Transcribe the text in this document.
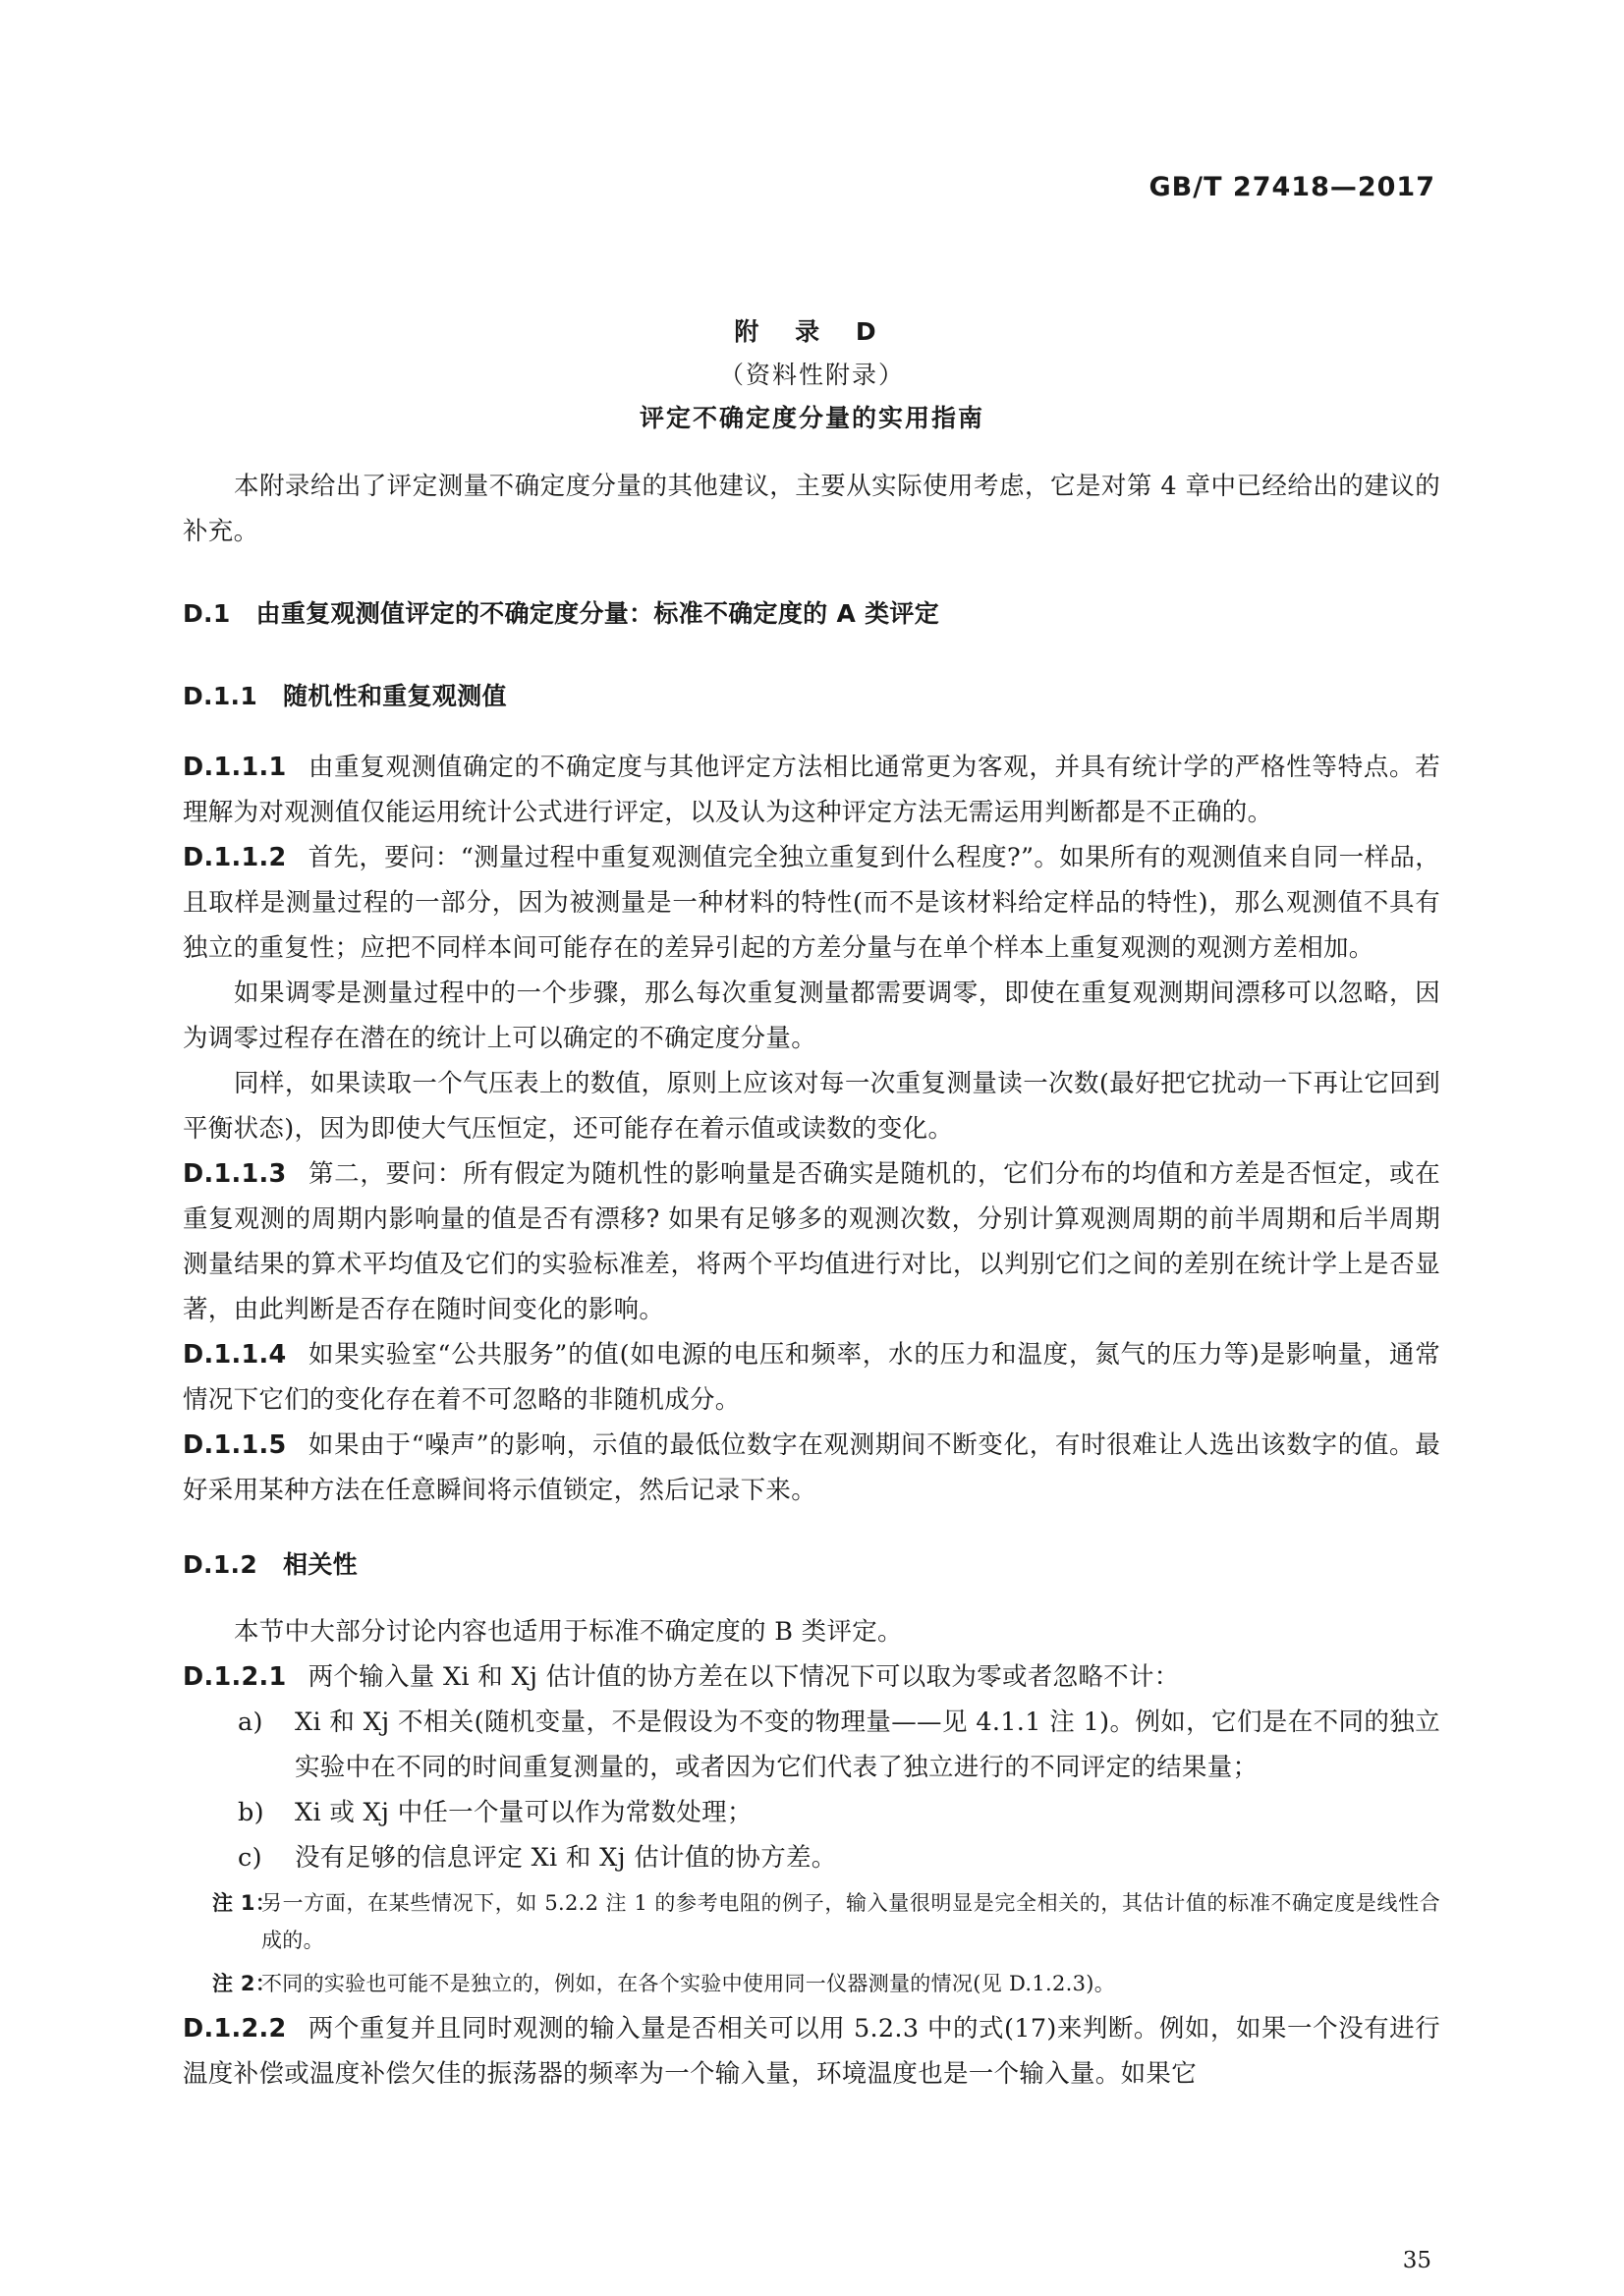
GB/T 27418—2017
附 录 D
（资料性附录）
评定不确定度分量的实用指南

本附录给出了评定测量不确定度分量的其他建议，主要从实际使用考虑，它是对第 4 章中已经给出的建议的补充。

D.1 由重复观测值评定的不确定度分量：标准不确定度的 A 类评定

D.1.1 随机性和重复观测值

D.1.1.1 由重复观测值确定的不确定度与其他评定方法相比通常更为客观，并具有统计学的严格性等特点。若理解为对观测值仅能运用统计公式进行评定，以及认为这种评定方法无需运用判断都是不正确的。

D.1.1.2 首先，要问：“测量过程中重复观测值完全独立重复到什么程度?”。如果所有的观测值来自同一样品，且取样是测量过程的一部分，因为被测量是一种材料的特性(而不是该材料给定样品的特性)，那么观测值不具有独立的重复性；应把不同样本间可能存在的差异引起的方差分量与在单个样本上重复观测的观测方差相加。

如果调零是测量过程中的一个步骤，那么每次重复测量都需要调零，即使在重复观测期间漂移可以忽略，因为调零过程存在潜在的统计上可以确定的不确定度分量。

同样，如果读取一个气压表上的数值，原则上应该对每一次重复测量读一次数(最好把它扰动一下再让它回到平衡状态)，因为即使大气压恒定，还可能存在着示值或读数的变化。

D.1.1.3 第二，要问：所有假定为随机性的影响量是否确实是随机的，它们分布的均值和方差是否恒定，或在重复观测的周期内影响量的值是否有漂移? 如果有足够多的观测次数，分别计算观测周期的前半周期和后半周期测量结果的算术平均值及它们的实验标准差，将两个平均值进行对比，以判别它们之间的差别在统计学上是否显著，由此判断是否存在随时间变化的影响。

D.1.1.4 如果实验室“公共服务”的值(如电源的电压和频率，水的压力和温度，氮气的压力等)是影响量，通常情况下它们的变化存在着不可忽略的非随机成分。

D.1.1.5 如果由于“噪声”的影响，示值的最低位数字在观测期间不断变化，有时很难让人选出该数字的值。最好采用某种方法在任意瞬间将示值锁定，然后记录下来。

D.1.2 相关性

本节中大部分讨论内容也适用于标准不确定度的 B 类评定。

D.1.2.1 两个输入量 Xi 和 Xj 估计值的协方差在以下情况下可以取为零或者忽略不计：

a) Xi 和 Xj 不相关(随机变量，不是假设为不变的物理量——见 4.1.1 注 1)。例如，它们是在不同的独立实验中在不同的时间重复测量的，或者因为它们代表了独立进行的不同评定的结果量；

b) Xi 或 Xj 中任一个量可以作为常数处理；

c) 没有足够的信息评定 Xi 和 Xj 估计值的协方差。

注 1：
另一方面，在某些情况下，如 5.2.2 注 1 的参考电阻的例子，输入量很明显是完全相关的，其估计值的标准不确定度是线性合成的。

注 2：
不同的实验也可能不是独立的，例如，在各个实验中使用同一仪器测量的情况(见 D.1.2.3)。

D.1.2.2 两个重复并且同时观测的输入量是否相关可以用 5.2.3 中的式(17)来判断。例如，如果一个没有进行温度补偿或温度补偿欠佳的振荡器的频率为一个输入量，环境温度也是一个输入量。如果它

35
